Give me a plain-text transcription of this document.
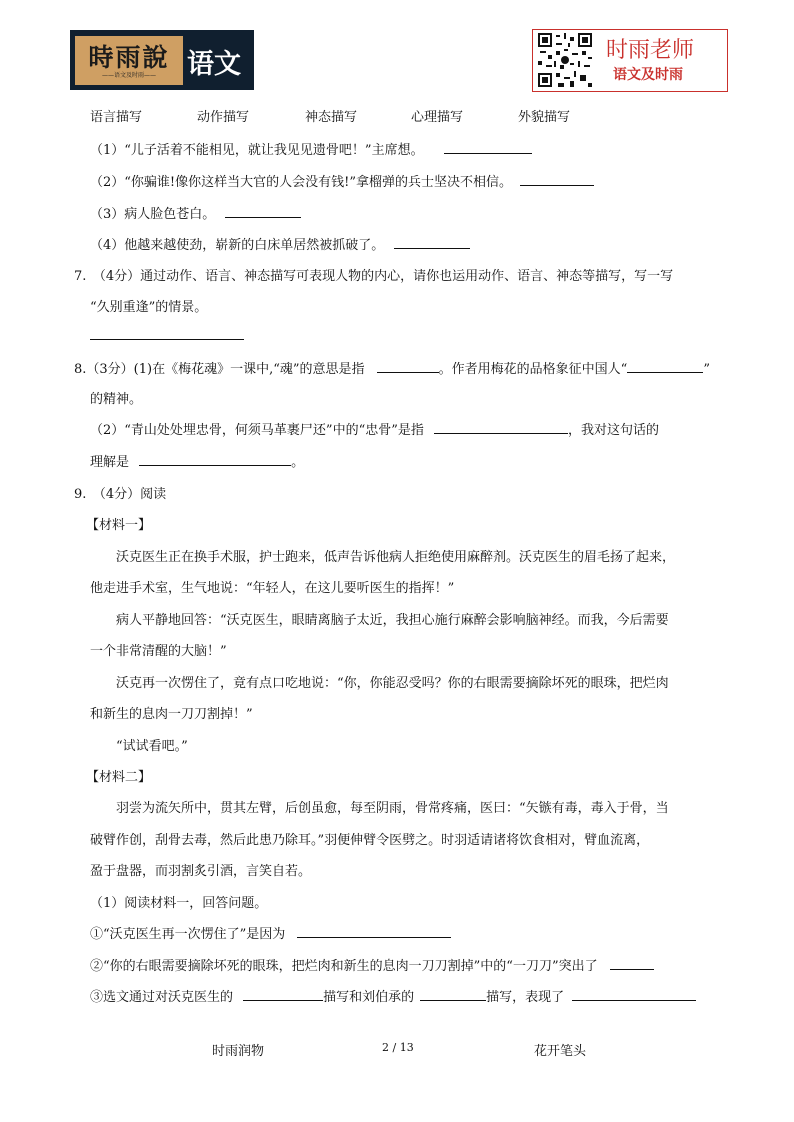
時雨說
——语文及时雨——	语文	时雨老师
语文及时雨
语言描写	动作描写	神态描写	心理描写	外貌描写
（1）“儿子活着不能相见，就让我见见遗骨吧！”主席想。
（2）“你骗谁!像你这样当大官的人会没有钱!”拿榴弹的兵士坚决不相信。
（3）病人脸色苍白。
（4）他越来越使劲，崭新的白床单居然被抓破了。
7.　（4分）通过动作、语言、神态描写可表现人物的内心，请你也运用动作、语言、神态等描写，写一写
“久别重逢”的情景。
8.（3分）(1)在《梅花魂》一课中,“魂”的意思是指	。作者用梅花的品格象征中国人“	”
的精神。
（2）“青山处处埋忠骨，何须马革裹尸还”中的“忠骨”是指	，我对这句话的
理解是	。
9.　（4分）阅读
【材料一】
沃克医生正在换手术服，护士跑来，低声告诉他病人拒绝使用麻醉剂。沃克医生的眉毛扬了起来，
他走进手术室，生气地说：“年轻人，在这儿要听医生的指挥！”
病人平静地回答：“沃克医生，眼睛离脑子太近，我担心施行麻醉会影响脑神经。而我，今后需要
一个非常清醒的大脑！”
沃克再一次愣住了，竟有点口吃地说：“你，你能忍受吗？你的右眼需要摘除坏死的眼珠，把烂肉
和新生的息肉一刀刀割掉！”
“试试看吧。”
【材料二】
羽尝为流矢所中，贯其左臂，后创虽愈，每至阴雨，骨常疼痛，医曰：“矢镞有毒，毒入于骨，当
破臂作创，刮骨去毒，然后此患乃除耳。”羽便伸臂令医劈之。时羽适请诸将饮食相对，臂血流离，
盈于盘器，而羽割炙引酒，言笑自若。
（1）阅读材料一，回答问题。
①“沃克医生再一次愣住了”是因为
②“你的右眼需要摘除坏死的眼珠，把烂肉和新生的息肉一刀刀割掉”中的“一刀刀”突出了
③选文通过对沃克医生的	描写和刘伯承的	描写，表现了
时雨润物	2 / 13	花开笔头
